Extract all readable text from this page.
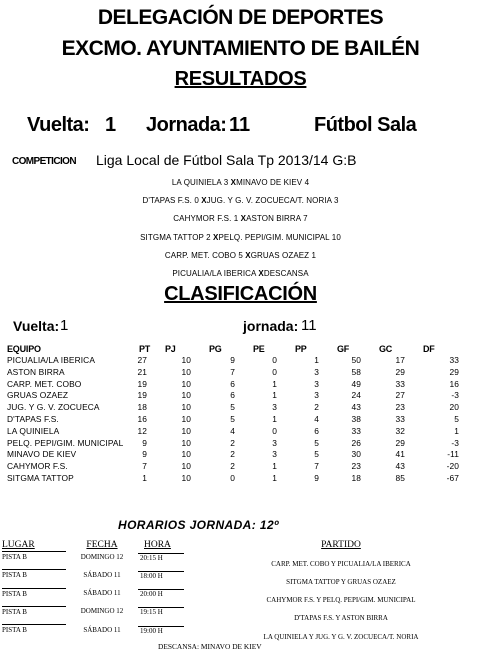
DELEGACIÓN DE DEPORTES
EXCMO. AYUNTAMIENTO DE BAILÉN
RESULTADOS
Vuelta: 1 Jornada: 11	Fútbol Sala
COMPETICION Liga Local de Fútbol Sala Tp 2013/14 G:B
LA QUINIELA 3 XMINAVO DE KIEV 4
D'TAPAS F.S. 0 XJUG. Y G. V. ZOCUECA/T. NORIA 3
CAHYMOR F.S. 1 XASTON BIRRA 7
SITGMA TATTOP 2 XPELQ. PEPI/GIM. MUNICIPAL 10
CARP. MET. COBO 5 XGRUAS OZAEZ 1
PICUALIA/LA IBERICA XDESCANSA
CLASIFICACIÓN
Vuelta: 1	jornada: 11
EQUIPO	PT	PJ	PG	PE	PP	GF	GC	DF
PICUALIA/LA IBERICA	27	10	9	0	1	50	17	33
ASTON BIRRA	21	10	7	0	3	58	29	29
CARP. MET. COBO	19	10	6	1	3	49	33	16
GRUAS OZAEZ	19	10	6	1	3	24	27	-3
JUG. Y G. V. ZOCUECA	18	10	5	3	2	43	23	20
D'TAPAS F.S.	16	10	5	1	4	38	33	5
LA QUINIELA	12	10	4	0	6	33	32	1
PELQ. PEPI/GIM. MUNICIPAL	9	10	2	3	5	26	29	-3
MINAVO DE KIEV	9	10	2	3	5	30	41	-11
CAHYMOR F.S.	7	10	2	1	7	23	43	-20
SITGMA TATTOP	1	10	0	1	9	18	85	-67
HORARIOS JORNADA: 12º
LUGAR	FECHA	HORA	PARTIDO
PISTA B	DOMINGO 12	20:15 H	CARP. MET. COBO Y PICUALIA/LA IBERICA
PISTA B	SÁBADO 11	18:00 H	SITGMA TATTOP Y GRUAS OZAEZ
PISTA B	SÁBADO 11	20:00 H	CAHYMOR F.S. Y PELQ. PEPI/GIM. MUNICIPAL
PISTA B	DOMINGO 12	19:15 H	D'TAPAS F.S. Y ASTON BIRRA
PISTA B	SÁBADO 11	19:00 H	LA QUINIELA Y JUG. Y G. V. ZOCUECA/T. NORIA
DESCANSA: MINAVO DE KIEV
